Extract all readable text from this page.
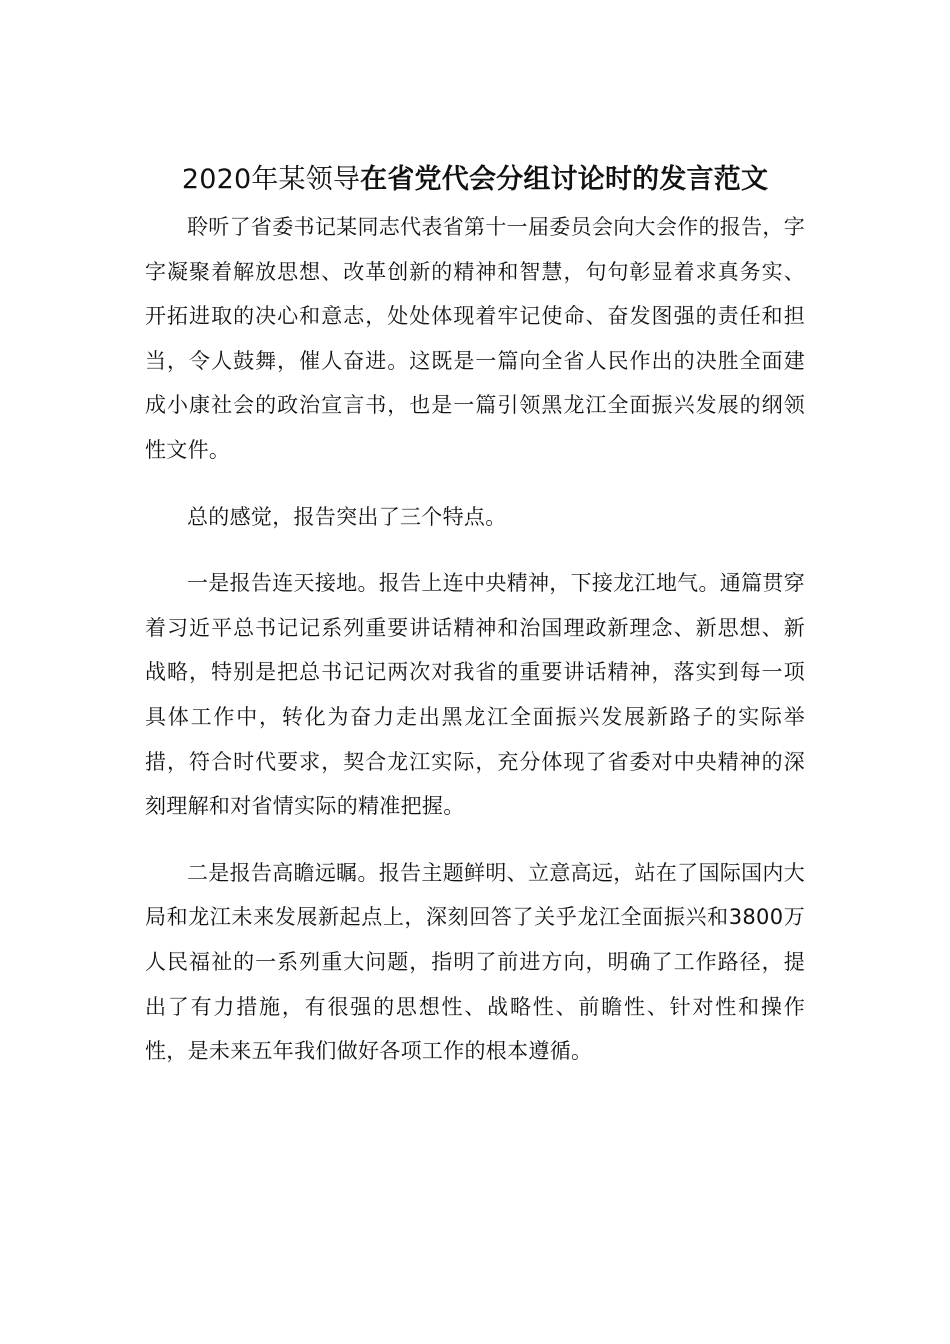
2020年某领导在省党代会分组讨论时的发言范文

聆听了省委书记某同志代表省第十一届委员会向大会作的报告，字字凝聚着解放思想、改革创新的精神和智慧，句句彰显着求真务实、开拓进取的决心和意志，处处体现着牢记使命、奋发图强的责任和担当，令人鼓舞，催人奋进。这既是一篇向全省人民作出的决胜全面建成小康社会的政治宣言书，也是一篇引领黑龙江全面振兴发展的纲领性文件。

总的感觉，报告突出了三个特点。

一是报告连天接地。报告上连中央精神，下接龙江地气。通篇贯穿着习近平总书记记系列重要讲话精神和治国理政新理念、新思想、新战略，特别是把总书记记两次对我省的重要讲话精神，落实到每一项具体工作中，转化为奋力走出黑龙江全面振兴发展新路子的实际举措，符合时代要求，契合龙江实际，充分体现了省委对中央精神的深刻理解和对省情实际的精准把握。

二是报告高瞻远瞩。报告主题鲜明、立意高远，站在了国际国内大局和龙江未来发展新起点上，深刻回答了关乎龙江全面振兴和3800万人民福祉的一系列重大问题，指明了前进方向，明确了工作路径，提出了有力措施，有很强的思想性、战略性、前瞻性、针对性和操作性，是未来五年我们做好各项工作的根本遵循。
